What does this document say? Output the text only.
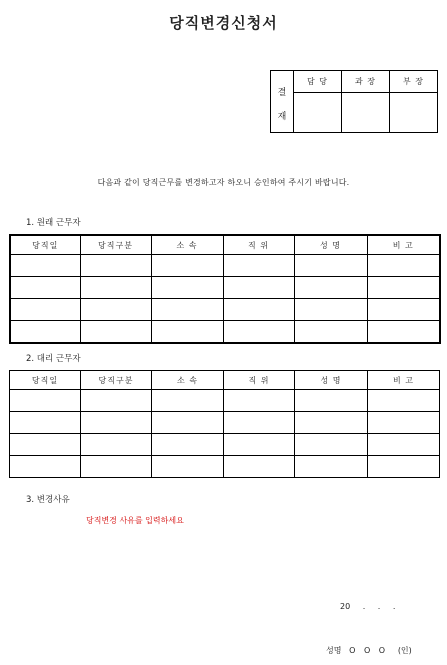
당직변경신청서
결
재
담 당	과 장	부 장
다음과 같이 당직근무를 변경하고자 하오니 승인하여 주시기 바랍니다.
1. 원래 근무자
당직일	당직구분	소 속	직 위	성 명	비 고

2. 대리 근무자
당직일	당직구분	소 속	직 위	성 명	비 고

3. 변경사유
당직변경 사유를 입력하세요
20 . . .
성명 O O O (인)
